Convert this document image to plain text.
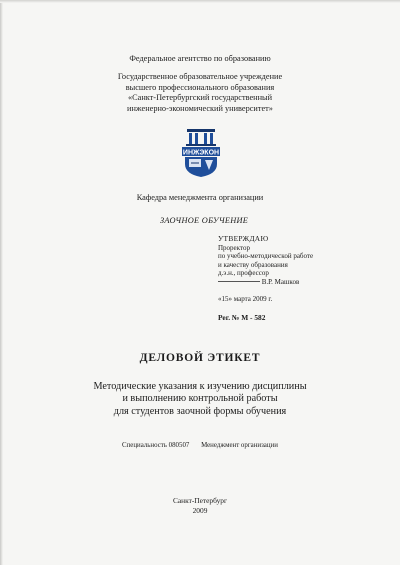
Федеральное агентство по образованию
Государственное образовательное учреждение
высшего профессионального образования
«Санкт-Петербургский государственный
инженерно-экономический университет»
ИНЖЭКОН
Кафедра менеджмента организации
ЗАОЧНОЕ ОБУЧЕНИЕ
УТВЕРЖДАЮ
Проректор
по учебно-методической работе
и качеству образования
д.э.н., профессор
В.Р. Машков
«15» марта 2009 г.
Рег. № М - 582
ДЕЛОВОЙ ЭТИКЕТ
Методические указания к изучению дисциплины
и выполнению контрольной работы
для студентов заочной формы обучения
Специальность 080507 Менеджмент организации
Санкт-Петербург
2009
